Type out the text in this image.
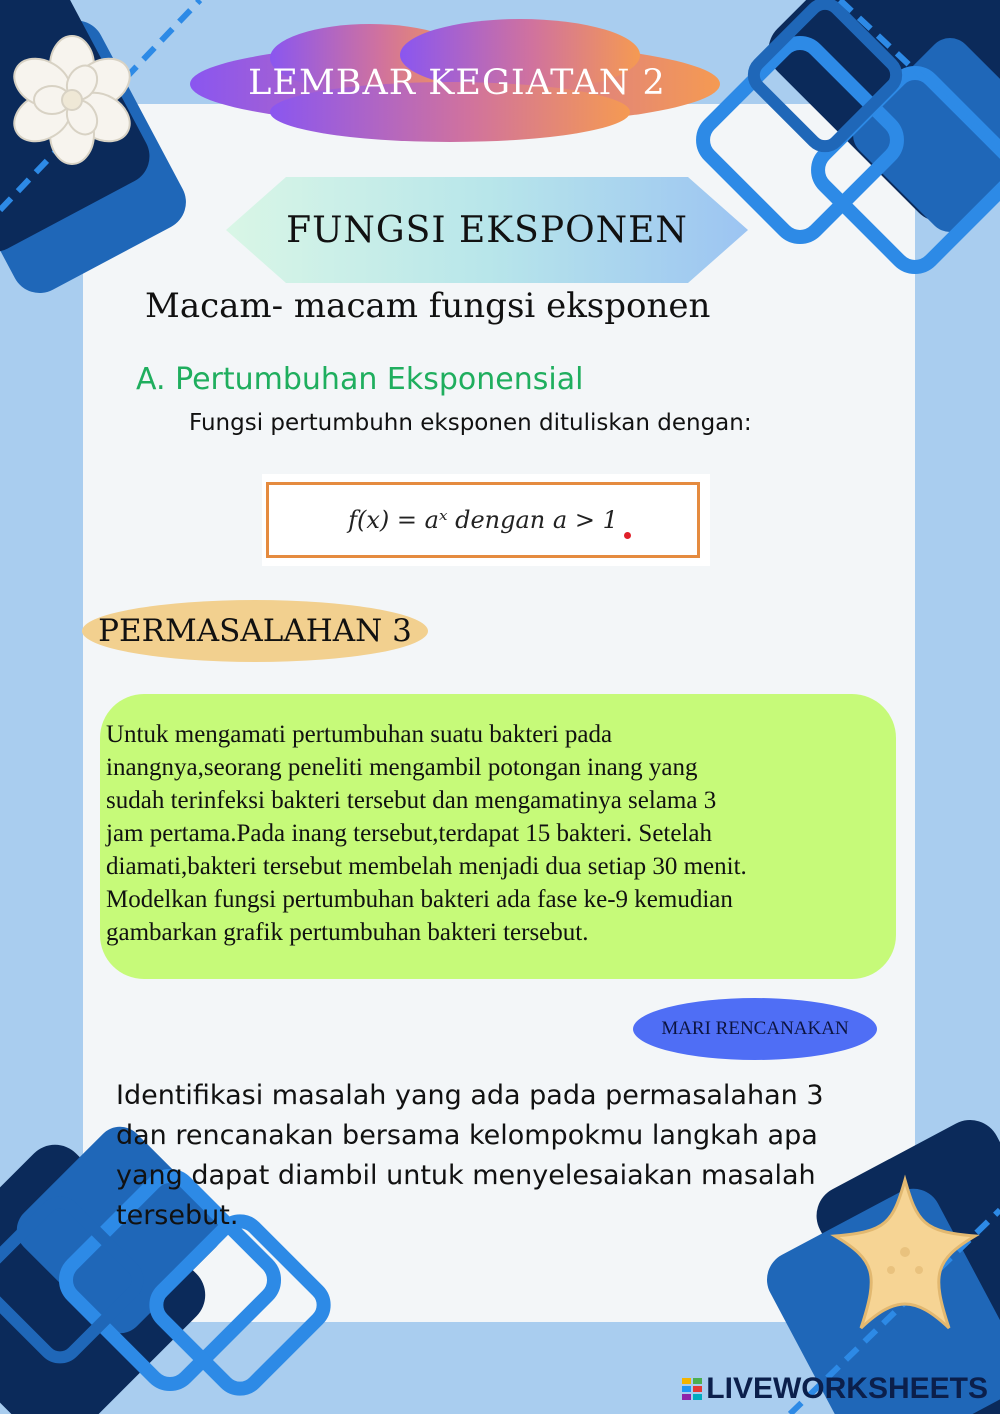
LEMBAR KEGIATAN 2
FUNGSI EKSPONEN
Macam- macam fungsi eksponen
A. Pertumbuhan Eksponensial
Fungsi pertumbuhn eksponen dituliskan dengan:
f(x) = aˣ dengan a > 1
PERMASALAHAN 3
Untuk mengamati pertumbuhan suatu bakteri pada
inangnya,seorang peneliti mengambil potongan inang yang
sudah terinfeksi bakteri tersebut dan mengamatinya selama 3
jam pertama.Pada inang tersebut,terdapat 15 bakteri. Setelah
diamati,bakteri tersebut membelah menjadi dua setiap 30 menit.
Modelkan fungsi pertumbuhan bakteri ada fase ke-9 kemudian
gambarkan grafik pertumbuhan bakteri tersebut.
MARI RENCANAKAN
Identifikasi masalah yang ada pada permasalahan 3
dan rencanakan bersama kelompokmu langkah apa
yang dapat diambil untuk menyelesaiakan masalah
tersebut.
LIVEWORKSHEETS
